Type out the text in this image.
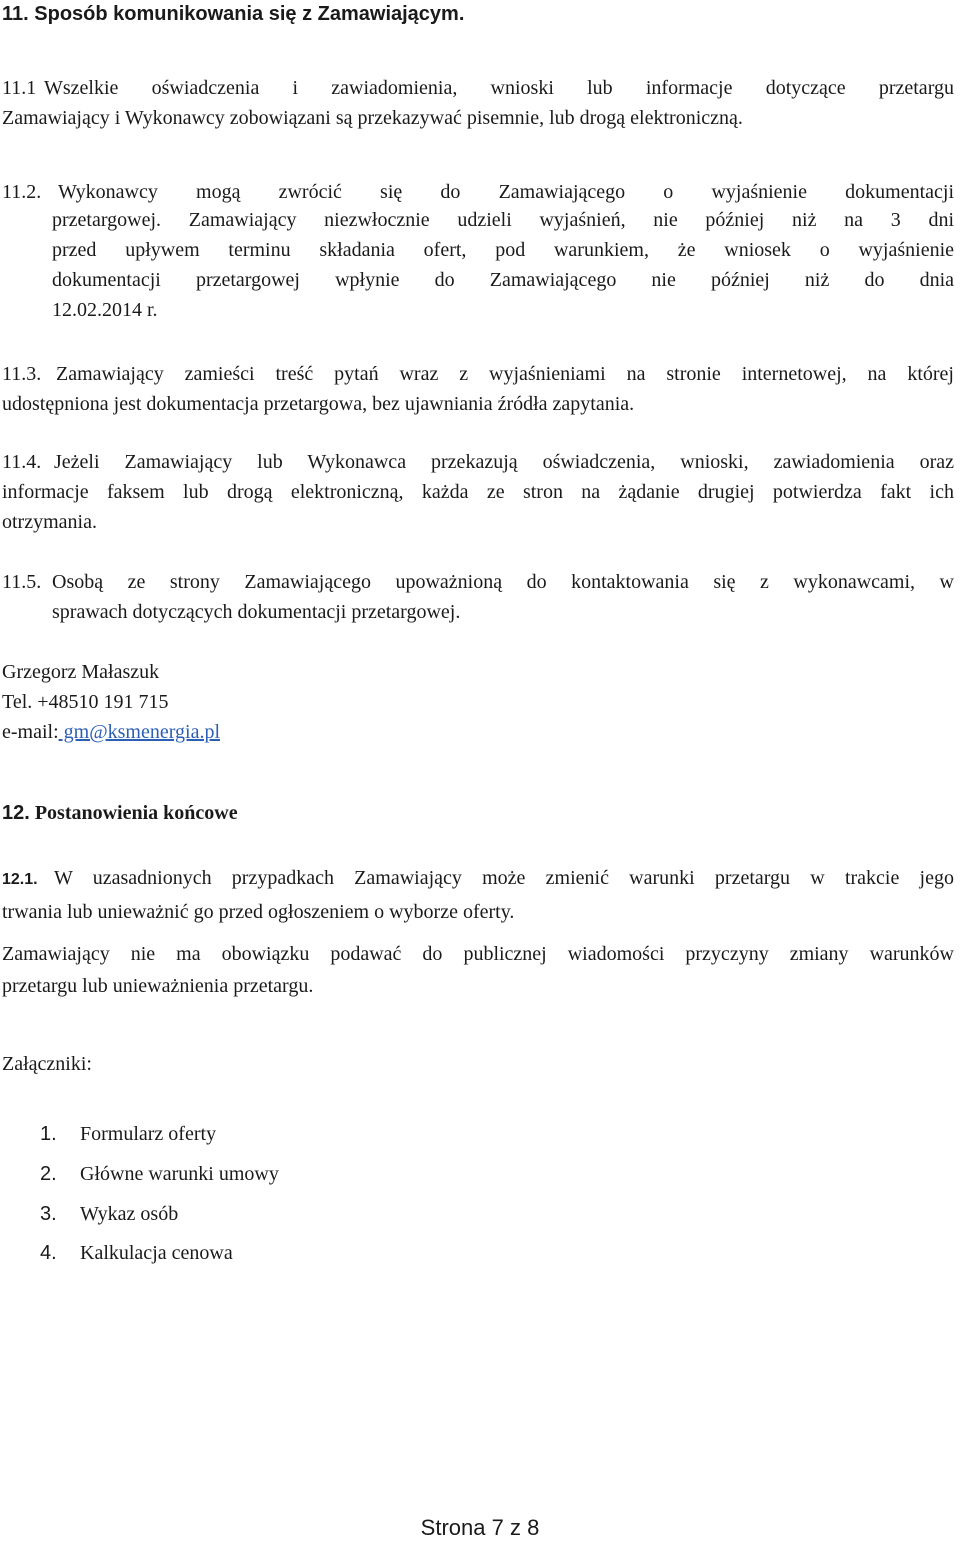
11. Sposób komunikowania się z Zamawiającym.
11.1 Wszelkie oświadczenia i zawiadomienia, wnioski lub informacje dotyczące przetargu
Zamawiający i Wykonawcy zobowiązani są przekazywać pisemnie, lub drogą elektroniczną.
11.2. Wykonawcy mogą zwrócić się do Zamawiającego o wyjaśnienie dokumentacji
przetargowej. Zamawiający niezwłocznie udzieli wyjaśnień, nie później niż na 3 dni
przed upływem terminu składania ofert, pod warunkiem, że wniosek o wyjaśnienie
dokumentacji przetargowej wpłynie do Zamawiającego nie później niż do dnia
12.02.2014 r.
11.3. Zamawiający zamieści treść pytań wraz z wyjaśnieniami na stronie internetowej, na której
udostępniona jest dokumentacja przetargowa, bez ujawniania źródła zapytania.
11.4. Jeżeli Zamawiający lub Wykonawca przekazują oświadczenia, wnioski, zawiadomienia oraz
informacje faksem lub drogą elektroniczną, każda ze stron na żądanie drugiej potwierdza fakt ich
otrzymania.
11.5. Osobą ze strony Zamawiającego upoważnioną do kontaktowania się z wykonawcami, w
sprawach dotyczących dokumentacji przetargowej.
Grzegorz Małaszuk
Tel. +48510 191 715
e-mail: gm@ksmenergia.pl
12. Postanowienia końcowe
12.1. W uzasadnionych przypadkach Zamawiający może zmienić warunki przetargu w trakcie jego
trwania lub unieważnić go przed ogłoszeniem o wyborze oferty.
Zamawiający nie ma obowiązku podawać do publicznej wiadomości przyczyny zmiany warunków
przetargu lub unieważnienia przetargu.
Załączniki:
1. Formularz oferty
2. Główne warunki umowy
3. Wykaz osób
4. Kalkulacja cenowa
Strona 7 z 8
